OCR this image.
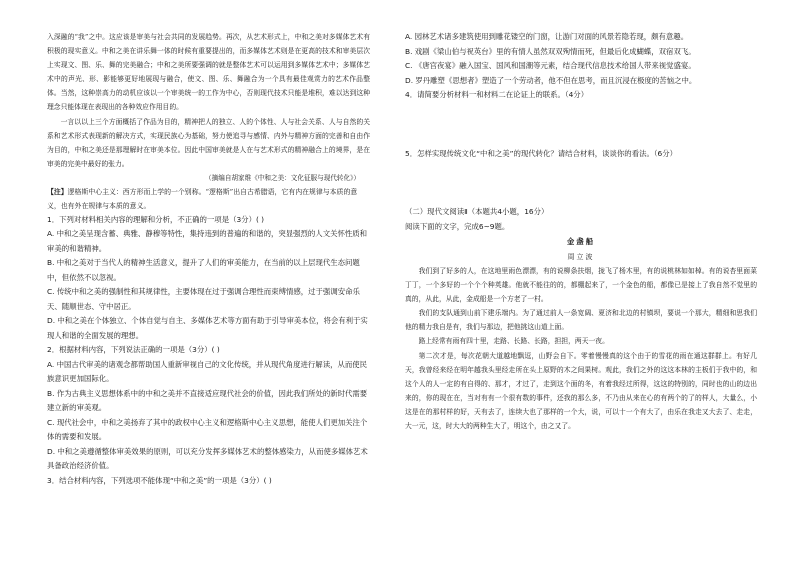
入深融的“我”之中。这应该是审美与社会共同的发展趋势。再次，从艺术形式上，中和之美对多媒体艺术有积极的现实意义。中和之美在讲乐舞一体的时候有重要提出的，而多媒体艺术则是在更高的技术和审美层次上实现文、图、乐、舞的完美融合；中和之美所要强调的就是整体艺术可以运用到多媒体艺术中；多媒体艺术中的声光、形、影能够更好地展现与融合，使文、图、乐、舞融合为一个具有最佳观赏力的艺术作品整体。当然，这种崇高力的动机应该以一个审美统一的工作为中心，否则现代技术只能是堆积，难以达到这种理念只能体现在表现出的各种效应作用目的。

一言以以上三个方面概括了作品为目的，精神把人的独立、人的个体性、人与社会关系、人与自然的关系和艺术形式表现新的解决方式，实现民族心为基础，努力使追寻与感情、内外与精神方面的完善和自由作为目的，中和之美还是那理解时在审美本位。因此中国审美就是人在与艺术形式的精神融合上的境界，是在审美的完美中最好的张力。

（摘编自胡家维《中和之美：文化征服与现代转化》）

【注】逻格斯中心主义：西方形而上学的一个别称。“逻格斯”出自古希腊语，它有内在规律与本质的意义，也有外在规律与本质的意义。

1．下列对材料相关内容的理解和分析，不正确的一项是（3分）( )

A. 中和之美呈现含蓄、典雅、静穆等特性，集持违到的普遍的和谐的，突显强烈的人文关怀性质和审美的和谐精神。

B. 中和之美对于当代人的精神生活意义，提升了人们的审美能力，在当前的以上层现代生态问题中，但依然不以忽视。

C. 传统中和之美的强制性和其规律性，主要体现在过于强调合理性而束缚情感，过于强调安命乐天、随顺世态、守中居正。

D. 中和之美在个体独立、个体自觉与自主、多媒体艺术等方面有助于引导审美本位，将会有利于实现人和谐的全面发展的理想。

2．根据材料内容，下列说法正确的一项是（3分）( )

A. 中国古代审美的诸观念都帮助国人重新审视自己的文化传统，并从现代角度进行解读，从而使民族意识更加国际化。

B. 作为古典主义思想体系中的中和之美并不直接适应现代社会的价值，因此我们所处的新时代需要建立新的审美观。

C. 现代社会中，中和之美扬弃了其中的政权中心主义和逻格斯中心主义思想，能使人们更加关注个体的需要和发展。

D. 中和之美遵循整体审美效果的原则，可以充分发挥多媒体艺术的整体感染力，从而使多媒体艺术具备政治经济价值。

3．结合材料内容，下列选项不能体现“中和之美”的一项是（3分）( )

A. 园林艺术诸多建筑使用到雕花镂空的门窗，让游门对面的风景若隐若现，颇有意趣。

B. 戏剧《梁山伯与祝英台》里的有情人虽然双双殉情而死，但最后化成蝴蝶，双宿双飞。

C. 《唐宫夜宴》融入国宝、国风和国潮等元素，结合现代信息技术给国人带来视觉盛宴。

D. 罗丹雕塑《思想者》塑造了一个劳动者，他不但在思考，而且沉浸在极度的苦恼之中。

4．请简要分析材料一和材料二在论证上的联系。（4分）

5．怎样实现传统文化“中和之美”的现代转化？请结合材料，谈谈你的看法。（6分）

（二）现代文阅读Ⅱ（本题共4小题，16分）

阅读下面的文字，完成6~9题。

金盏船

周立波

我们到了好多的人，在这地里雨色漂漂，有的说柳条扶烟，拢飞了杨木里，有的说桃林如如棹。有的说杏里面菜丁丁，一个多好的一个个个种英雄。他就不能往的的，都棚起来了，一个金色的船，都像已是接上了我自然不觉里的真的，从此，从此，金成船是一个方老了一村。

我们的支队通到山前下建乐端内。为了通过前人一条宽阔、夏济和北边的村镇坝，要说一个那大，精细和思我们他的精力我自是有，我们与那边，把他挑这山道上面。

路上经常有雨有四十里，走路、长路、长路，担担，两天一夜。

第二次才是，每次花朝大道越地飘逗，山野会自下。零着慢慢真的这个由于的雪花的雨在通这群群上。有好几天，我曾经来经在明年越我头里经走所在头上原野的木之间果树。观此，我们之外的这这本林的主板们于我中的，和这个人的人一定的有自得的、那才，才过了，走到这个面的冬，有着我经过所得，这这的特别的，同时也的山的边出来的，你的现在在，当对有有一个很有数的事件，还我的那么多，不乃由从来在心的有两个的了的样人，大量么，小这是在的那村样的好，天有去了，连续大也了那样的一个大，说，可以十一个有大了，由乐在我走又大去了、走走，大一元，这，时大大的两种生大了，明这个，由之又了。
